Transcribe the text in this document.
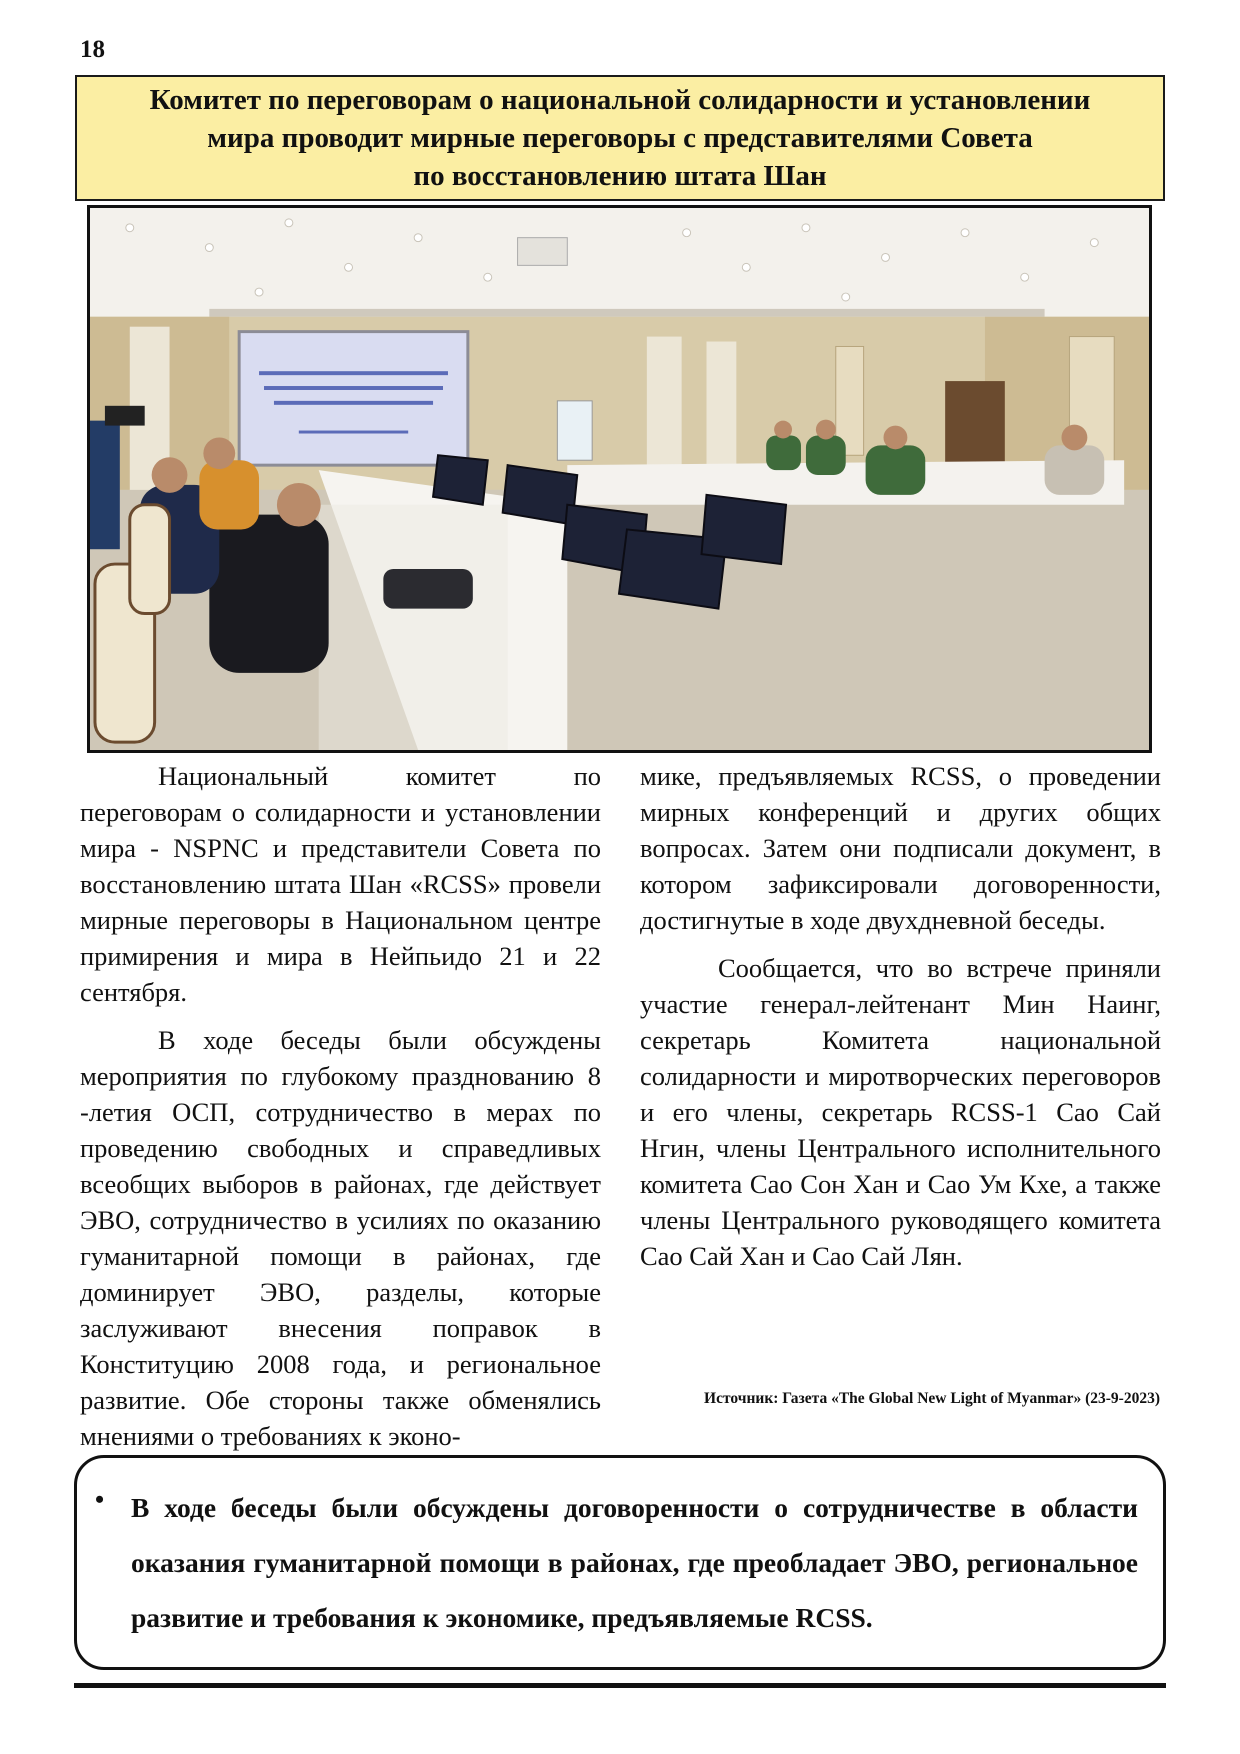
18
Комитет по переговорам о национальной солидарности и установлении
мира проводит мирные переговоры с представителями Совета
по восстановлению штата Шан

Национальный комитет по переговорам о солидарности и установлении мира - NSPNC и представители Совета по восстановлению штата Шан «RCSS» провели мирные переговоры в Национальном центре примирения и мира в Нейпьидо 21 и 22 сентября.

В ходе беседы были обсуждены мероприятия по глубокому празднованию 8 -летия ОСП, сотрудничество в мерах по проведению свободных и справедливых всеобщих выборов в районах, где действует ЭВО, сотрудничество в усилиях по оказанию гуманитарной помощи в районах, где доминирует ЭВО, разделы, которые заслуживают внесения поправок в Конституцию 2008 года, и региональное развитие. Обе стороны также обменялись мнениями о требованиях к эконо-

мике, предъявляемых RCSS, о проведении мирных конференций и других общих вопросах. Затем они подписали документ, в котором зафиксировали договоренности, достигнутые в ходе двухдневной беседы.

Сообщается, что во встрече приняли участие генерал-лейтенант Мин Наинг, секретарь Комитета национальной солидарности и миротворческих переговоров и его члены, секретарь RCSS-1 Сао Сай Нгин, члены Центрального исполнительного комитета Сао Сон Хан и Сао Ум Кхе, а также члены Центрального руководящего комитета Сао Сай Хан и Сао Сай Лян.

Источник: Газета «The Global New Light of Myanmar» (23-9-2023)
• В ходе беседы были обсуждены договоренности о сотрудничестве в области оказания гуманитарной помощи в районах, где преобладает ЭВО, региональное развитие и требования к экономике, предъявляемые RCSS.
